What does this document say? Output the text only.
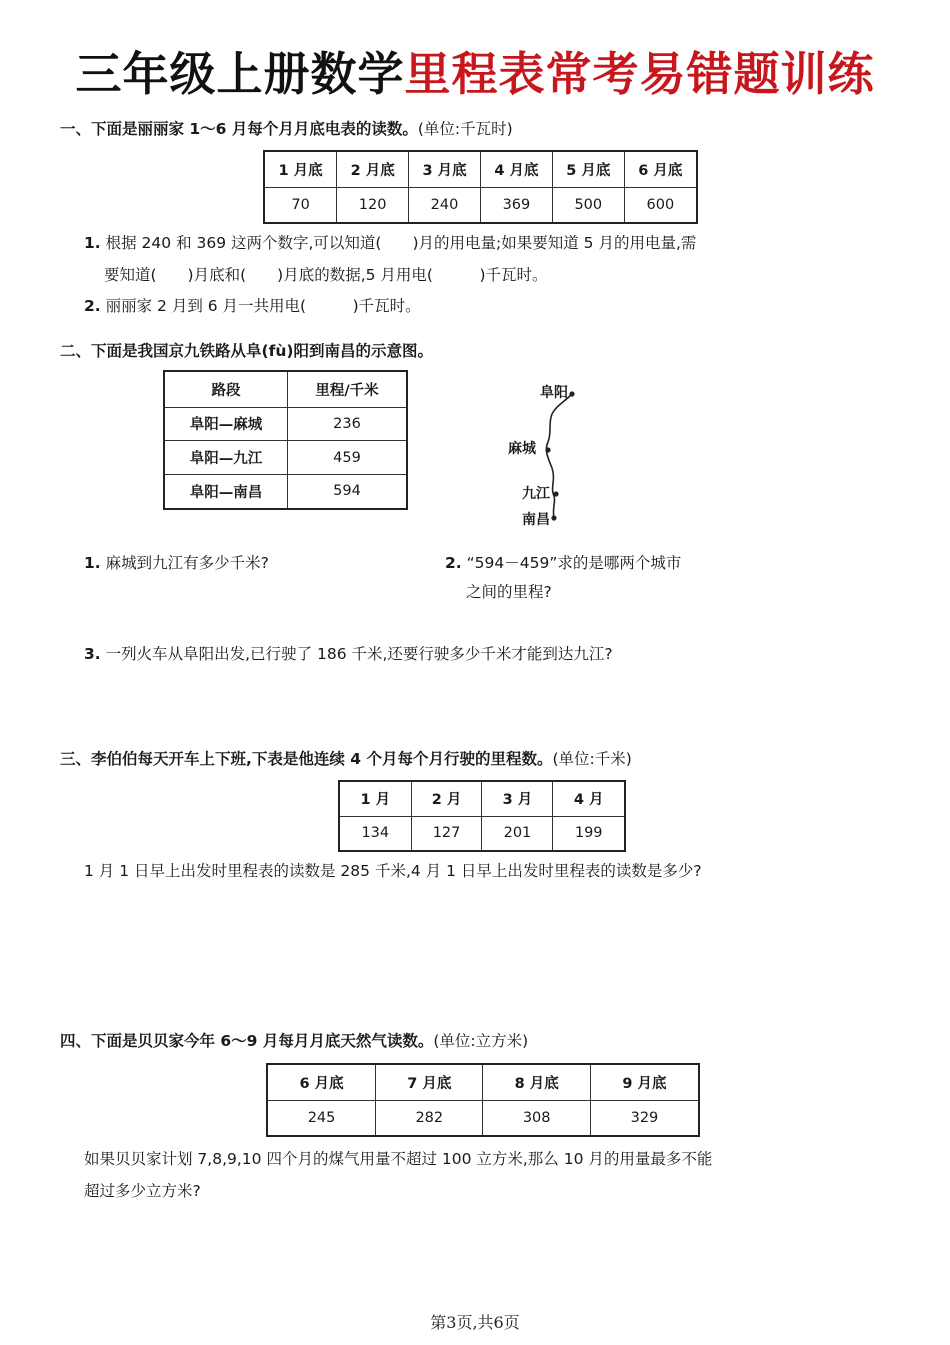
三年级上册数学里程表常考易错题训练
一、下面是丽丽家 1～6 月每个月月底电表的读数。(单位:千瓦时)
1 月底	2 月底	3 月底	4 月底	5 月底	6 月底
70	120	240	369	500	600
1. 根据 240 和 369 这两个数字,可以知道(　　)月的用电量;如果要知道 5 月的用电量,需
要知道(　　)月底和(　　)月底的数据,5 月用电(　　　)千瓦时。
2. 丽丽家 2 月到 6 月一共用电(　　　)千瓦时。
二、下面是我国京九铁路从阜(fù)阳到南昌的示意图。
路段	里程/千米
阜阳—麻城	236
阜阳—九江	459
阜阳—南昌	594
阜阳
麻城
九江
南昌
1. 麻城到九江有多少千米?	2. “594－459”求的是哪两个城市
之间的里程?
3. 一列火车从阜阳出发,已行驶了 186 千米,还要行驶多少千米才能到达九江?
三、李伯伯每天开车上下班,下表是他连续 4 个月每个月行驶的里程数。(单位:千米)
1 月	2 月	3 月	4 月
134	127	201	199
1 月 1 日早上出发时里程表的读数是 285 千米,4 月 1 日早上出发时里程表的读数是多少?
四、下面是贝贝家今年 6～9 月每月月底天然气读数。(单位:立方米)
6 月底	7 月底	8 月底	9 月底
245	282	308	329
如果贝贝家计划 7,8,9,10 四个月的煤气用量不超过 100 立方米,那么 10 月的用量最多不能
超过多少立方米?
第3页,共6页
